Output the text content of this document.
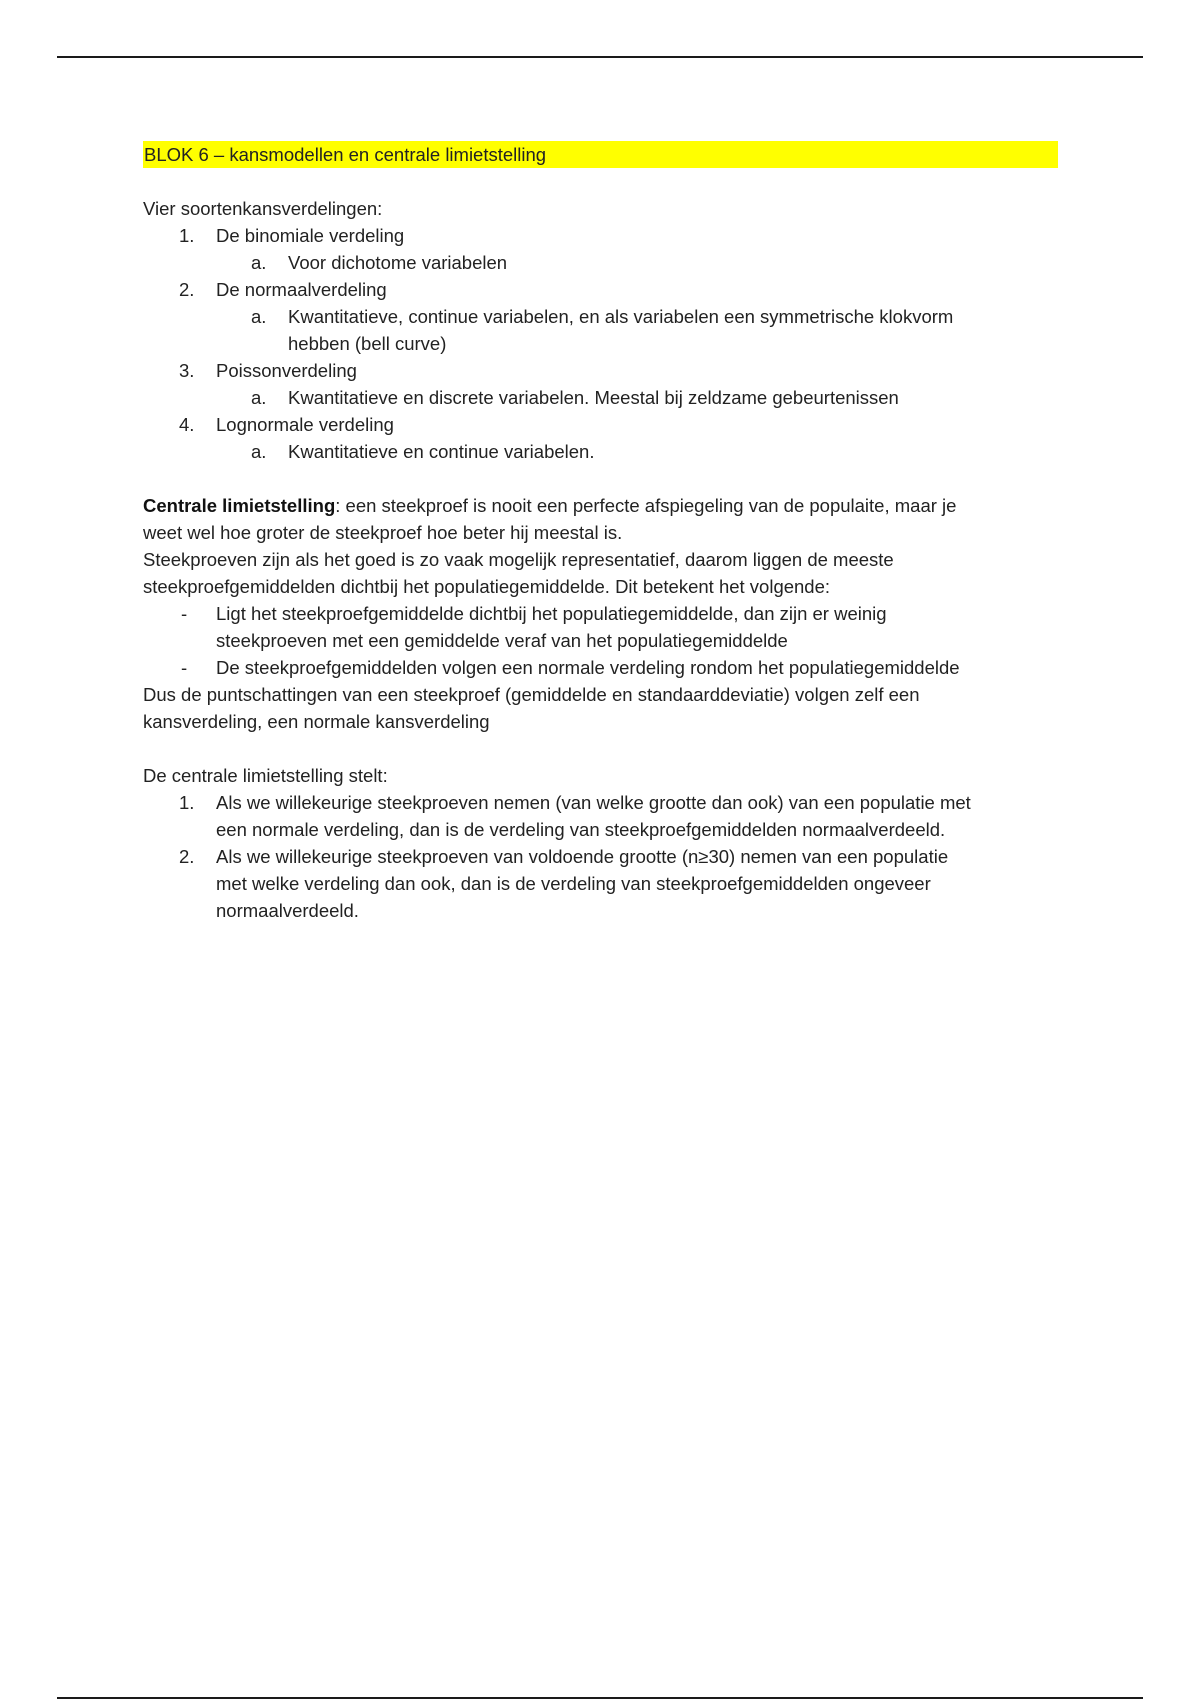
BLOK 6 – kansmodellen en centrale limietstelling
Vier soortenkansverdelingen:
1. De binomiale verdeling
a. Voor dichotome variabelen
2. De normaalverdeling
a. Kwantitatieve, continue variabelen, en als variabelen een symmetrische klokvorm
hebben (bell curve)
3. Poissonverdeling
a. Kwantitatieve en discrete variabelen. Meestal bij zeldzame gebeurtenissen
4. Lognormale verdeling
a. Kwantitatieve en continue variabelen.
Centrale limietstelling: een steekproef is nooit een perfecte afspiegeling van de populaite, maar je
weet wel hoe groter de steekproef hoe beter hij meestal is.
Steekproeven zijn als het goed is zo vaak mogelijk representatief, daarom liggen de meeste
steekproefgemiddelden dichtbij het populatiegemiddelde. Dit betekent het volgende:
- Ligt het steekproefgemiddelde dichtbij het populatiegemiddelde, dan zijn er weinig
steekproeven met een gemiddelde veraf van het populatiegemiddelde
- De steekproefgemiddelden volgen een normale verdeling rondom het populatiegemiddelde
Dus de puntschattingen van een steekproef (gemiddelde en standaarddeviatie) volgen zelf een
kansverdeling, een normale kansverdeling
De centrale limietstelling stelt:
1. Als we willekeurige steekproeven nemen (van welke grootte dan ook) van een populatie met
een normale verdeling, dan is de verdeling van steekproefgemiddelden normaalverdeeld.
2. Als we willekeurige steekproeven van voldoende grootte (n≥30) nemen van een populatie
met welke verdeling dan ook, dan is de verdeling van steekproefgemiddelden ongeveer
normaalverdeeld.
